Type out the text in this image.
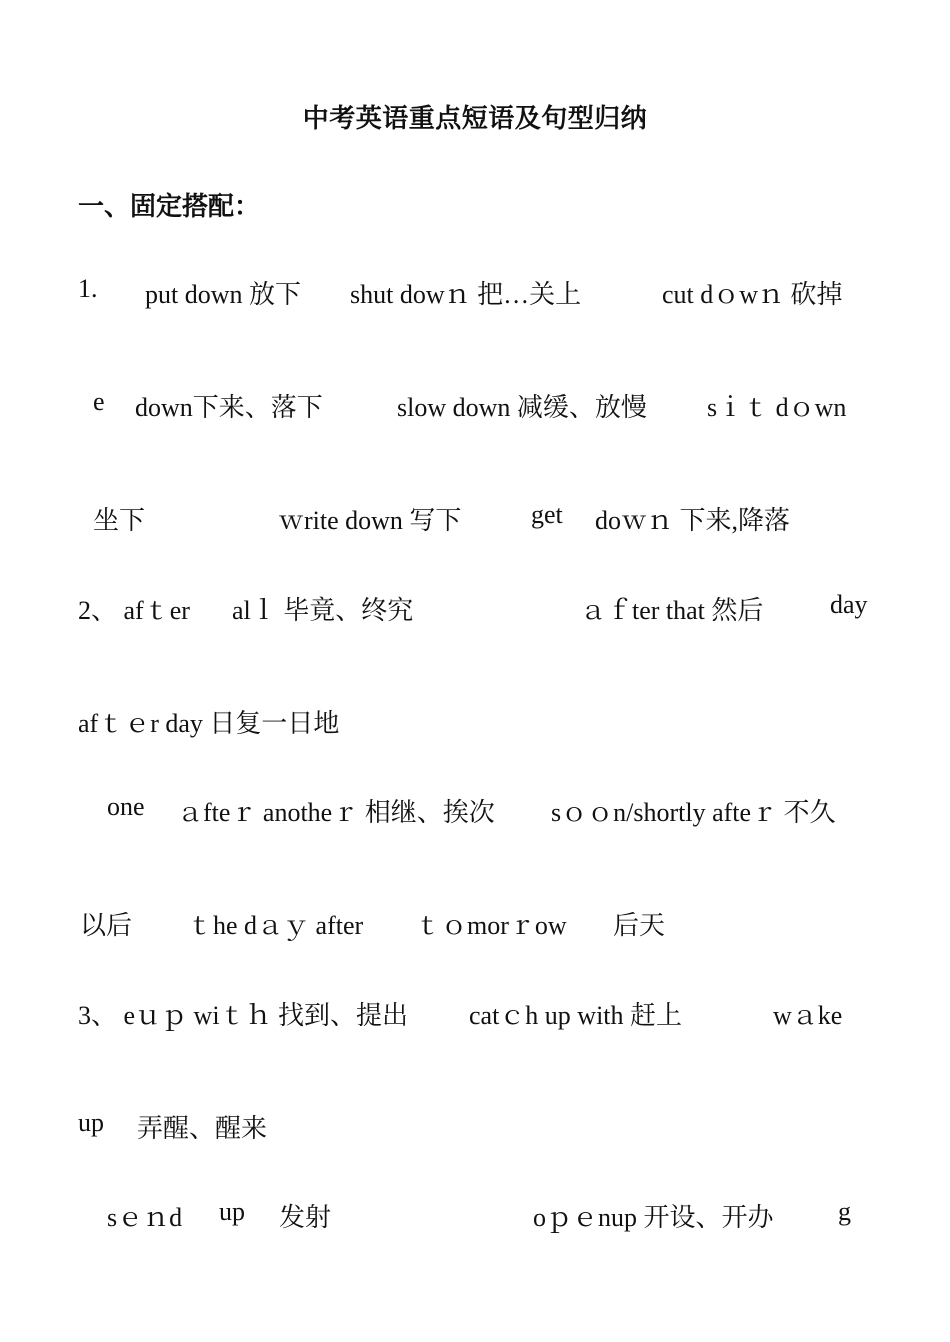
中考英语重点短语及句型归纳
一、固定搭配：
1. put down 放下 shut dowｎ 把…关上	cut dｏwｎ 砍掉
e down下来、落下	slow down 减缓、放慢 sｉｔ dｏwn
坐下	ｗrite down 写下	get doｗｎ 下来,降落
2、 afｔer alｌ 毕竟、终究	ａｆter that 然后	day
afｔｅr day 日复一日地
one ａfteｒ anotheｒ 相继、挨次 sｏｏn/shortly afteｒ 不久
以后 ｔhe dａｙ after ｔｏmorｒow 后天
3、 eｕｐ wiｔｈ 找到、提出 catｃh up with 赶上	wａke
up 弄醒、醒来
sｅｎd up 发射	oｐｅnup 开设、开办 g
